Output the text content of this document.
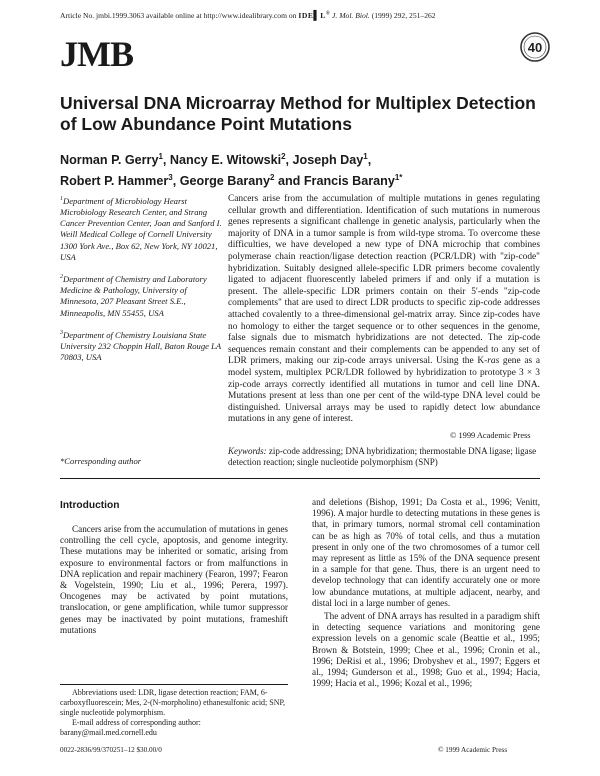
Article No. jmbi.1999.3063 available online at http://www.idealibrary.com on IDE▌L® J. Mol. Biol. (1999) 292, 251–262
JMB	40
Universal DNA Microarray Method for Multiplex Detection of Low Abundance Point Mutations
Norman P. Gerry$^1$, Nancy E. Witowski$^2$, Joseph Day$^1$,
Robert P. Hammer$^3$, George Barany$^2$ and Francis Barany$^{1*}$

$^1$Department of Microbiology Hearst Microbiology Research Center, and Strang Cancer Prevention Center, Joan and Sanford I. Weill Medical College of Cornell University 1300 York Ave., Box 62, New York, NY 10021, USA

$^2$Department of Chemistry and Laboratory Medicine & Pathology, University of Minnesota, 207 Pleasant Street S.E., Minneapolis, MN 55455, USA

$^3$Department of Chemistry Louisiana State University 232 Choppin Hall, Baton Rouge LA 70803, USA

*Corresponding author

Cancers arise from the accumulation of multiple mutations in genes regulating cellular growth and differentiation. Identification of such mutations in numerous genes represents a significant challenge in genetic analysis, particularly when the majority of DNA in a tumor sample is from wild-type stroma. To overcome these difficulties, we have developed a new type of DNA microchip that combines polymerase chain reaction/ligase detection reaction (PCR/LDR) with "zip-code" hybridization. Suitably designed allele-specific LDR primers become covalently ligated to adjacent fluorescently labeled primers if and only if a mutation is present. The allele-specific LDR primers contain on their 5′-ends "zip-code complements" that are used to direct LDR products to specific zip-code addresses attached covalently to a three-dimensional gel-matrix array. Since zip-codes have no homology to either the target sequence or to other sequences in the genome, false signals due to mismatch hybridizations are not detected. The zip-code sequences remain constant and their complements can be appended to any set of LDR primers, making our zip-code arrays universal. Using the K-ras gene as a model system, multiplex PCR/LDR followed by hybridization to prototype 3 × 3 zip-code arrays correctly identified all mutations in tumor and cell line DNA. Mutations present at less than one per cent of the wild-type DNA level could be distinguished. Universal arrays may be used to rapidly detect low abundance mutations in any gene of interest.

© 1999 Academic Press
Keywords: zip-code addressing; DNA hybridization; thermostable DNA ligase; ligase detection reaction; single nucleotide polymorphism (SNP)
Introduction

Cancers arise from the accumulation of mutations in genes controlling the cell cycle, apoptosis, and genome integrity. These mutations may be inherited or somatic, arising from exposure to environmental factors or from malfunctions in DNA replication and repair machinery (Fearon, 1997; Fearon & Vogelstein, 1990; Liu et al., 1996; Perera, 1997). Oncogenes may be activated by point mutations, translocation, or gene amplification, while tumor suppressor genes may be inactivated by point mutations, frameshift mutations

and deletions (Bishop, 1991; Da Costa et al., 1996; Venitt, 1996). A major hurdle to detecting mutations in these genes is that, in primary tumors, normal stromal cell contamination can be as high as 70% of total cells, and thus a mutation present in only one of the two chromosomes of a tumor cell may represent as little as 15% of the DNA sequence present in a sample for that gene. Thus, there is an urgent need to develop technology that can identify accurately one or more low abundance mutations, at multiple adjacent, nearby, and distal loci in a large number of genes.

The advent of DNA arrays has resulted in a paradigm shift in detecting sequence variations and monitoring gene expression levels on a genomic scale (Beattie et al., 1995; Brown & Botstein, 1999; Chee et al., 1996; Cronin et al., 1996; DeRisi et al., 1996; Drobyshev et al., 1997; Eggers et al., 1994; Gunderson et al., 1998; Guo et al., 1994; Hacia, 1999; Hacia et al., 1996; Kozal et al., 1996;

Abbreviations used: LDR, ligase detection reaction; FAM, 6-carboxyfluorescein; Mes, 2-(N-morpholino) ethanesulfonic acid; SNP, single nucleotide polymorphism.

E-mail address of corresponding author:

barany@mail.med.cornell.edu
0022-2836/99/370251–12 $30.00/0	© 1999 Academic Press
